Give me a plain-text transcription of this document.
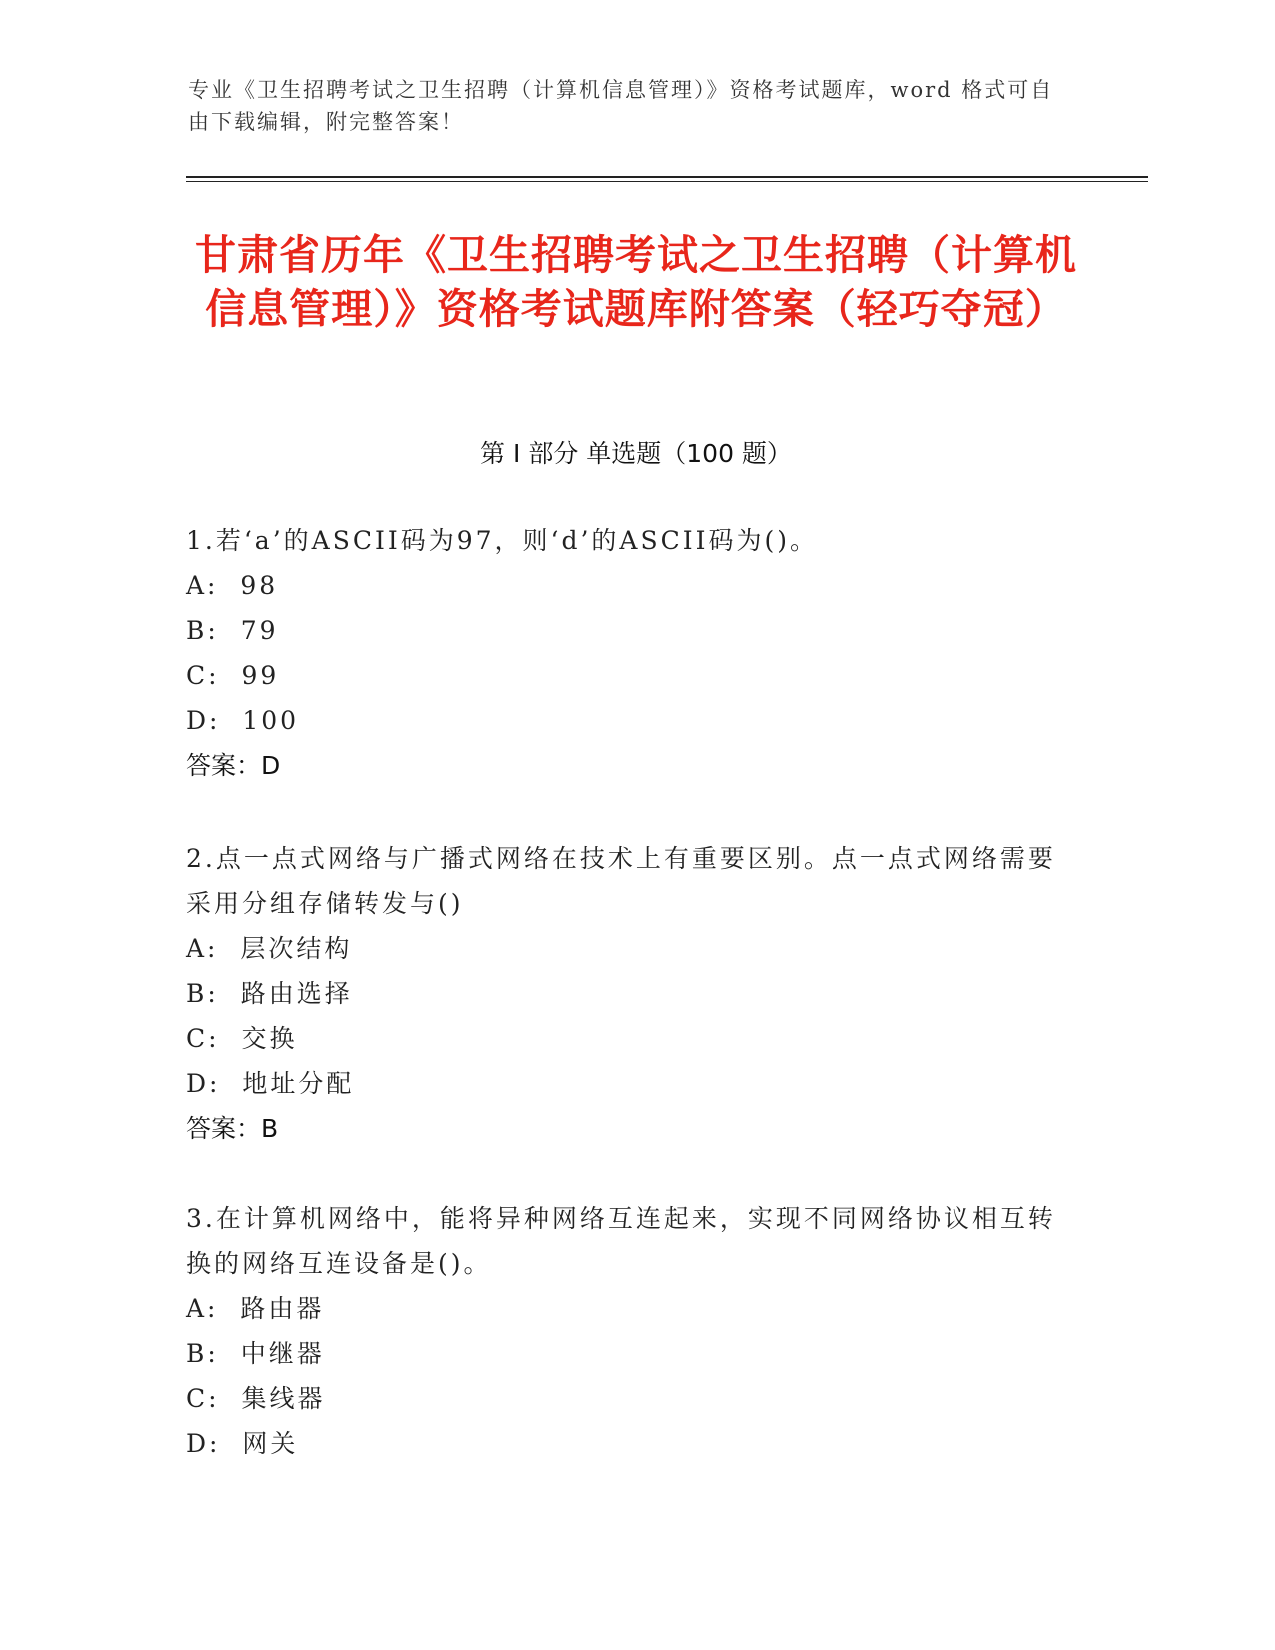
专业《卫生招聘考试之卫生招聘（计算机信息管理）》资格考试题库，word 格式可自由下载编辑，附完整答案！
甘肃省历年《卫生招聘考试之卫生招聘（计算机信息管理）》资格考试题库附答案（轻巧夺冠）
第 I 部分 单选题（100 题）
1.若‘a’的ASCII码为97，则‘d’的ASCII码为()。
A:  98
B:  79
C:  99
D:  100
答案：D
2.点一点式网络与广播式网络在技术上有重要区别。点一点式网络需要采用分组存储转发与()
A:  层次结构
B:  路由选择
C:  交换
D:  地址分配
答案：B
3.在计算机网络中，能将异种网络互连起来，实现不同网络协议相互转换的网络互连设备是()。
A:  路由器
B:  中继器
C:  集线器
D:  网关
